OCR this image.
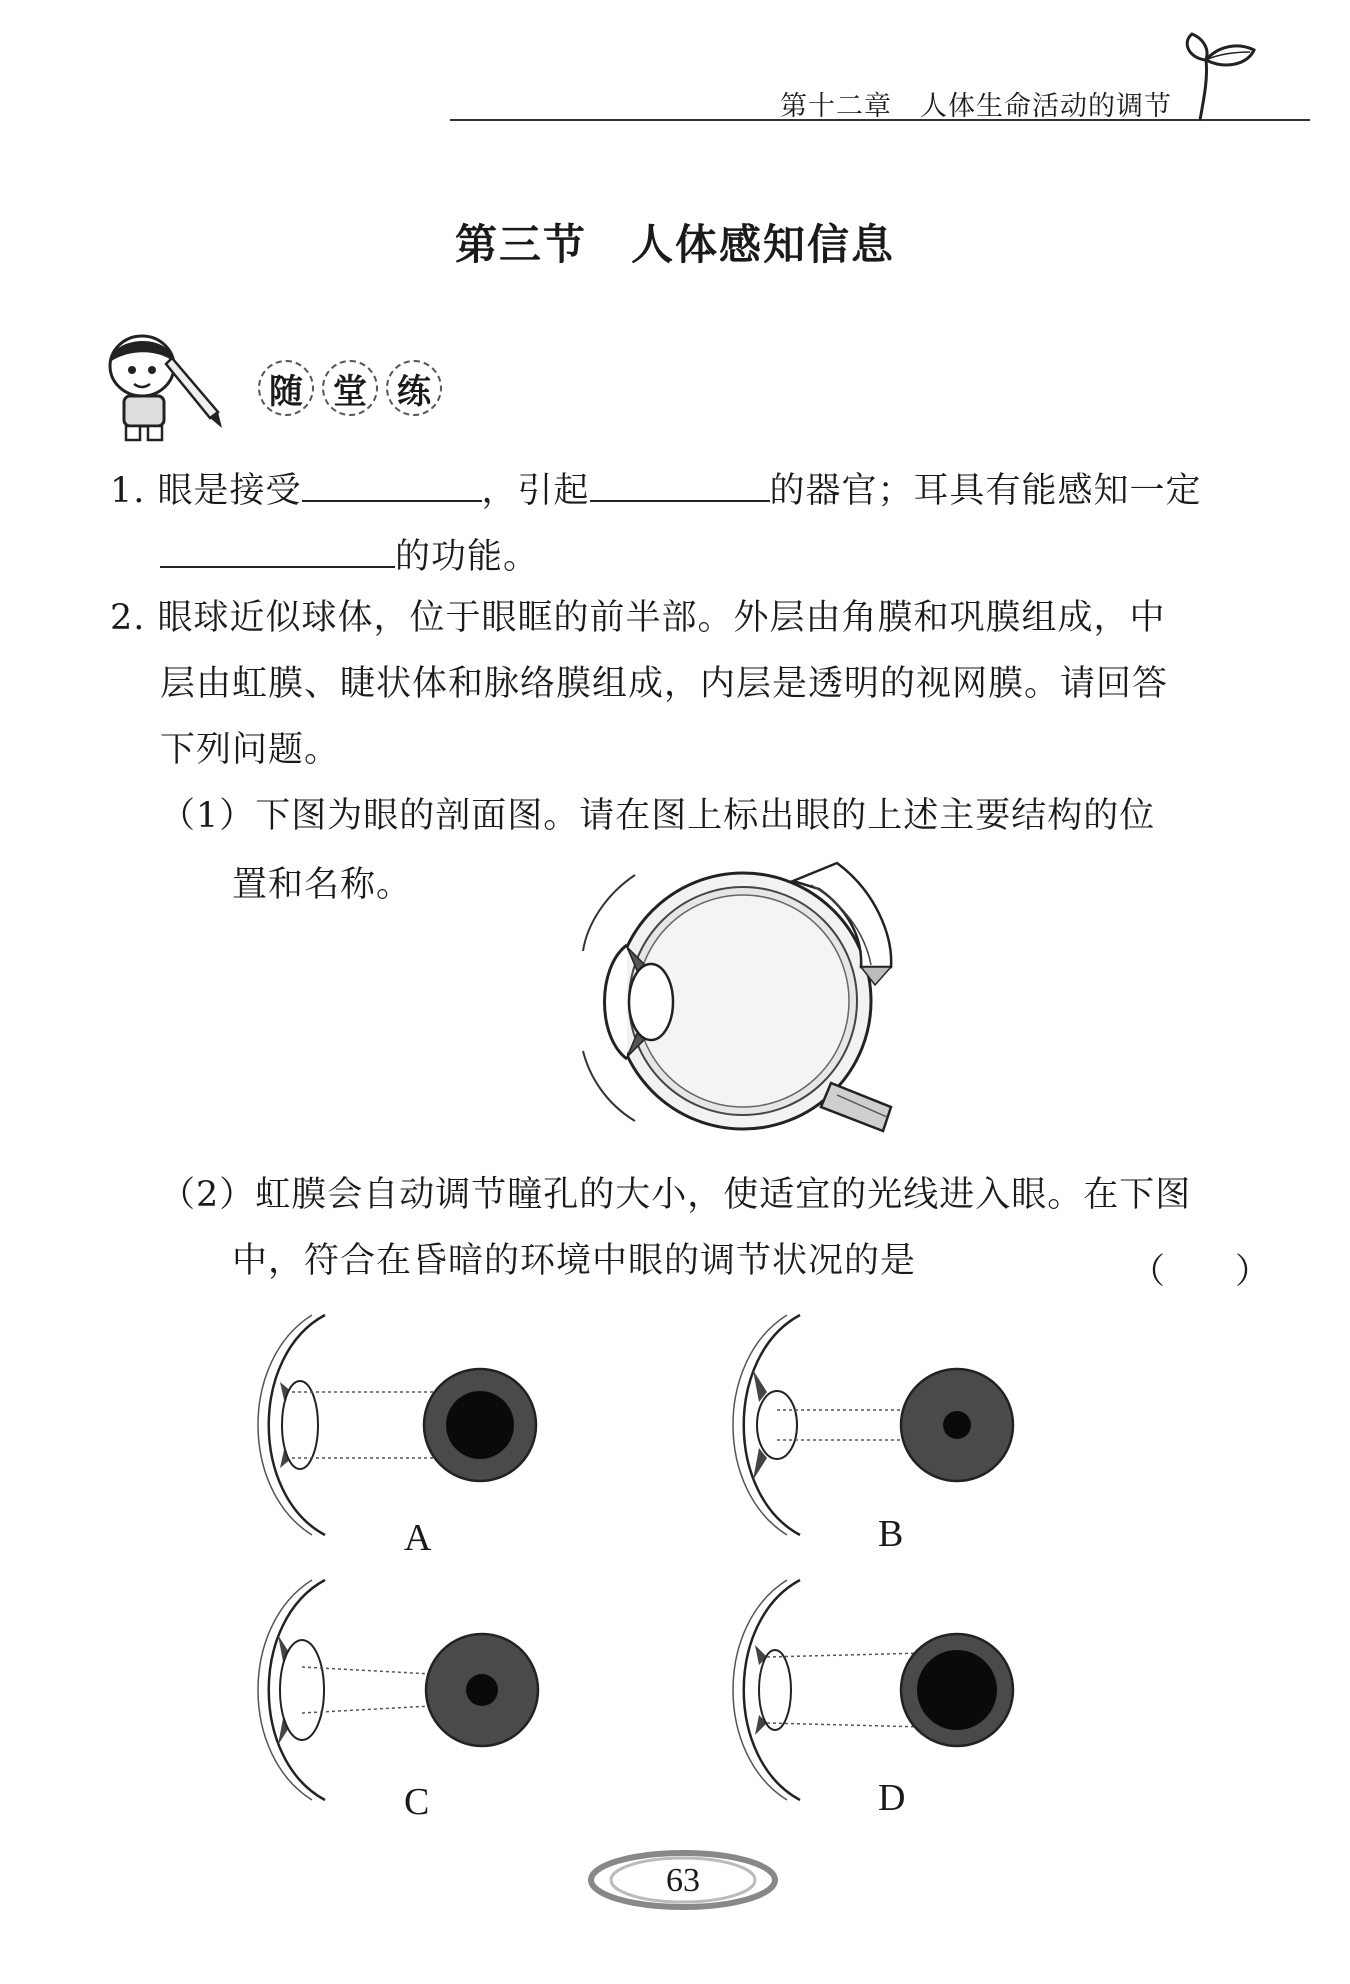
第十二章　人体生命活动的调节
第三节　人体感知信息
随 堂 练
1. 眼是接受	，引起	的器官；耳具有能感知一定
的功能。
2. 眼球近似球体，位于眼眶的前半部。外层由角膜和巩膜组成，中
层由虹膜、睫状体和脉络膜组成，内层是透明的视网膜。请回答
下列问题。
（1）下图为眼的剖面图。请在图上标出眼的上述主要结构的位
置和名称。
（2）虹膜会自动调节瞳孔的大小，使适宜的光线进入眼。在下图
中，符合在昏暗的环境中眼的调节状况的是	（　　）
A	B
C	D
63
